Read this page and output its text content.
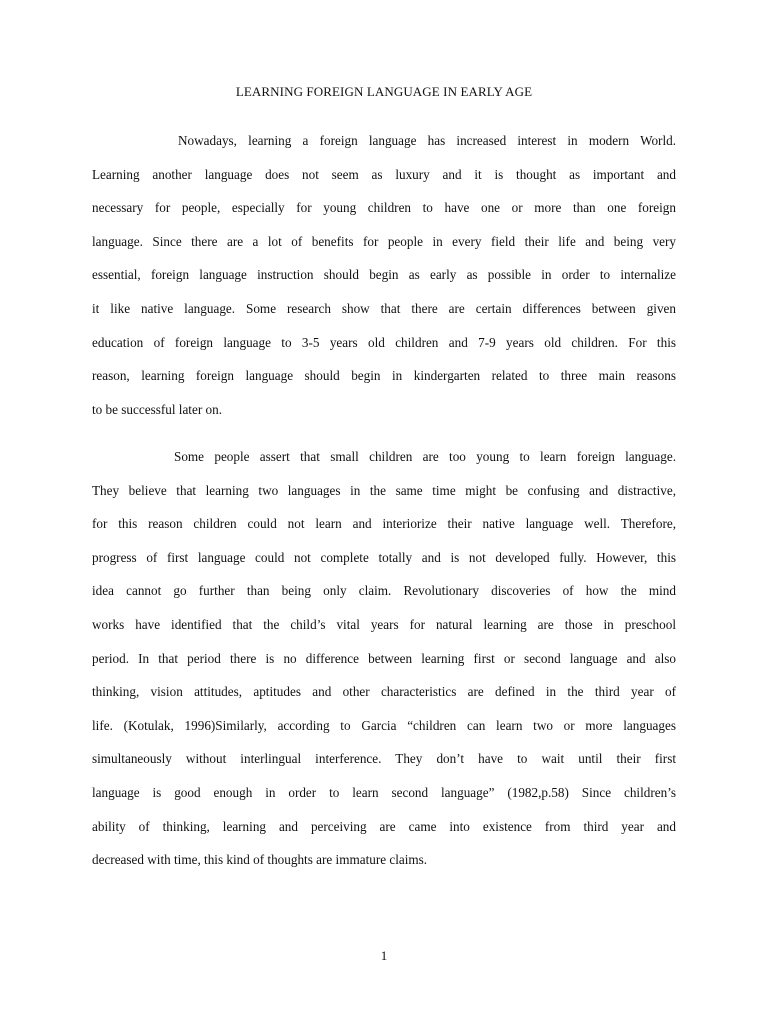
LEARNING FOREIGN LANGUAGE IN EARLY AGE
Nowadays, learning a foreign language has increased interest in modern World.
Learning another language does not seem as luxury and it is thought as important and
necessary for people, especially for young children to have one or more than one foreign
language. Since there are a lot of benefits for people in every field their life and being very
essential, foreign language instruction should begin as early as possible in order to internalize
it like native language. Some research show that there are certain differences between given
education of foreign language to 3-5 years old children and 7-9 years old children. For this
reason, learning foreign language should begin in kindergarten related to three main reasons
to be successful later on.
Some people assert that small children are too young to learn foreign language.
They believe that learning two languages in the same time might be confusing and distractive,
for this reason children could not learn and interiorize their native language well. Therefore,
progress of first language could not complete totally and is not developed fully. However, this
idea cannot go further than being only claim. Revolutionary discoveries of how the mind
works have identified that the child’s vital years for natural learning are those in preschool
period. In that period there is no difference between learning first or second language and also
thinking, vision attitudes, aptitudes and other characteristics are defined in the third year of
life. (Kotulak, 1996)Similarly, according to Garcia “children can learn two or more languages
simultaneously without interlingual interference. They don’t have to wait until their first
language is good enough in order to learn second language” (1982,p.58) Since children’s
ability of thinking, learning and perceiving are came into existence from third year and
decreased with time, this kind of thoughts are immature claims.

1
